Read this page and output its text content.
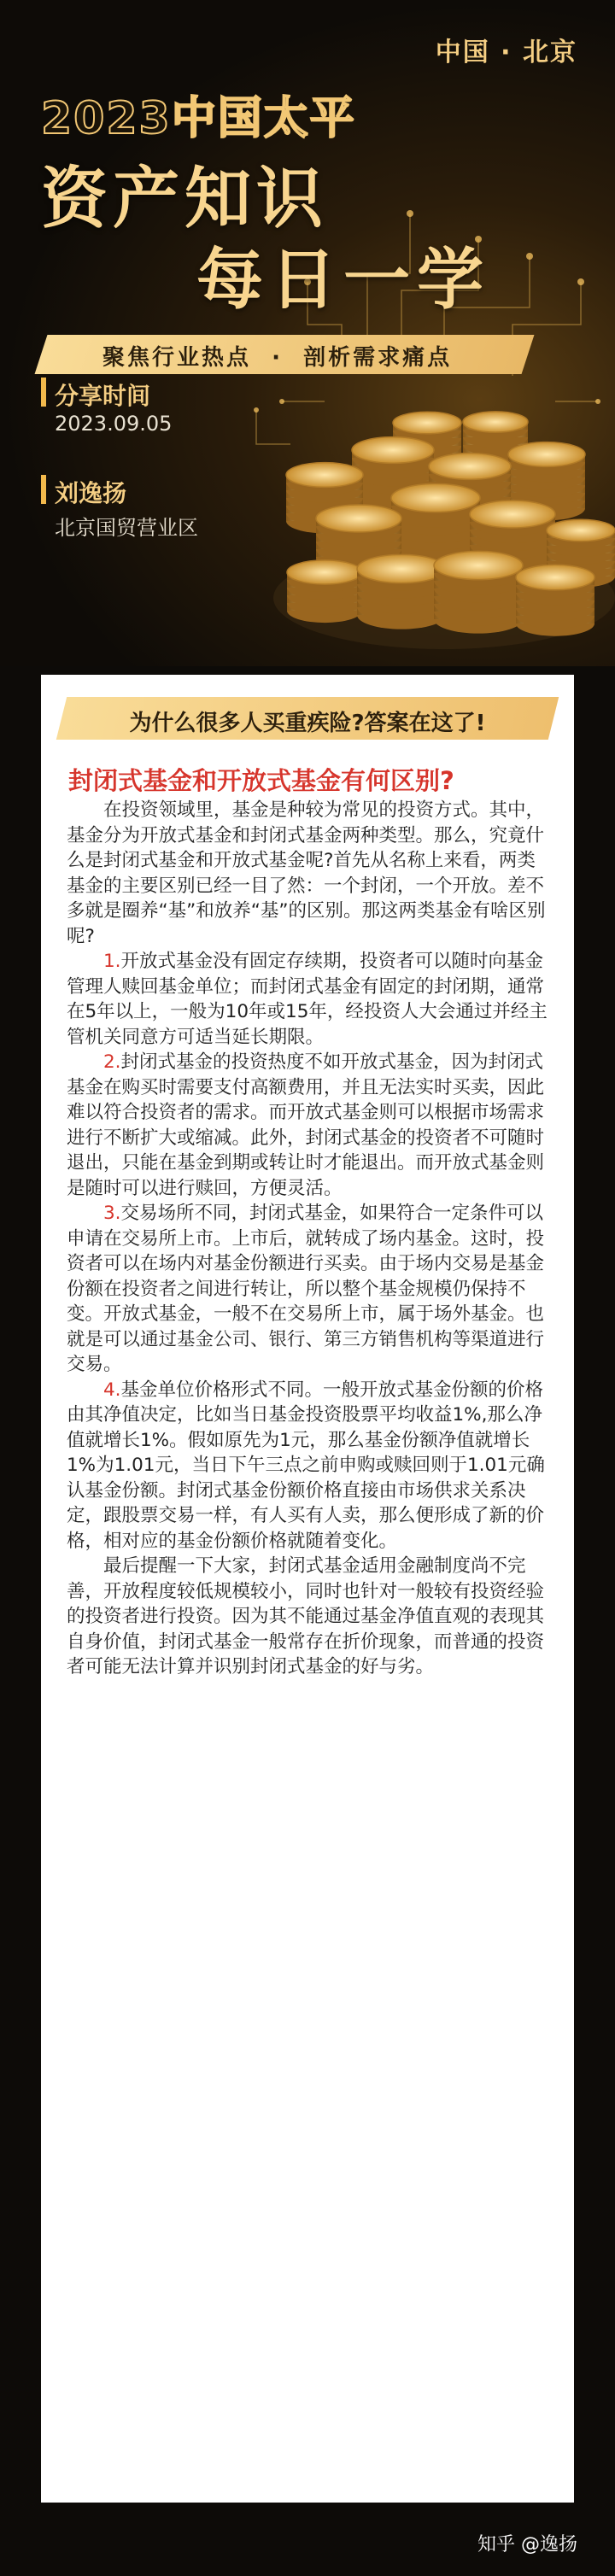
中国 · 北京
2023中国太平
资产知识
每日一学
聚焦行业热点  ·  剖析需求痛点
分享时间
2023.09.05
刘逸扬
北京国贸营业区
为什么很多人买重疾险?答案在这了!
封闭式基金和开放式基金有何区别?

在投资领域里，基金是种较为常见的投资方式。其中，基金分为开放式基金和封闭式基金两种类型。那么，究竟什么是封闭式基金和开放式基金呢?首先从名称上来看，两类基金的主要区别已经一目了然：一个封闭，一个开放。差不多就是圈养“基”和放养“基”的区别。那这两类基金有啥区别呢?

1.开放式基金没有固定存续期，投资者可以随时向基金管理人赎回基金单位；而封闭式基金有固定的封闭期，通常在5年以上，一般为10年或15年，经投资人大会通过并经主管机关同意方可适当延长期限。

2.封闭式基金的投资热度不如开放式基金，因为封闭式基金在购买时需要支付高额费用，并且无法实时买卖，因此难以符合投资者的需求。而开放式基金则可以根据市场需求进行不断扩大或缩减。此外，封闭式基金的投资者不可随时退出，只能在基金到期或转让时才能退出。而开放式基金则是随时可以进行赎回，方便灵活。

3.交易场所不同，封闭式基金，如果符合一定条件可以申请在交易所上市。上市后，就转成了场内基金。这时，投资者可以在场内对基金份额进行买卖。由于场内交易是基金份额在投资者之间进行转让，所以整个基金规模仍保持不变。开放式基金，一般不在交易所上市，属于场外基金。也就是可以通过基金公司、银行、第三方销售机构等渠道进行交易。

4.基金单位价格形式不同。一般开放式基金份额的价格由其净值决定，比如当日基金投资股票平均收益1%,那么净值就增长1%。假如原先为1元，那么基金份额净值就增长1%为1.01元，当日下午三点之前申购或赎回则于1.01元确认基金份额。封闭式基金份额价格直接由市场供求关系决定，跟股票交易一样，有人买有人卖，那么便形成了新的价格，相对应的基金份额价格就随着变化。

最后提醒一下大家，封闭式基金适用金融制度尚不完善，开放程度较低规模较小，同时也针对一般较有投资经验的投资者进行投资。因为其不能通过基金净值直观的表现其自身价值，封闭式基金一般常存在折价现象，而普通的投资者可能无法计算并识别封闭式基金的好与劣。

知乎 @逸扬
